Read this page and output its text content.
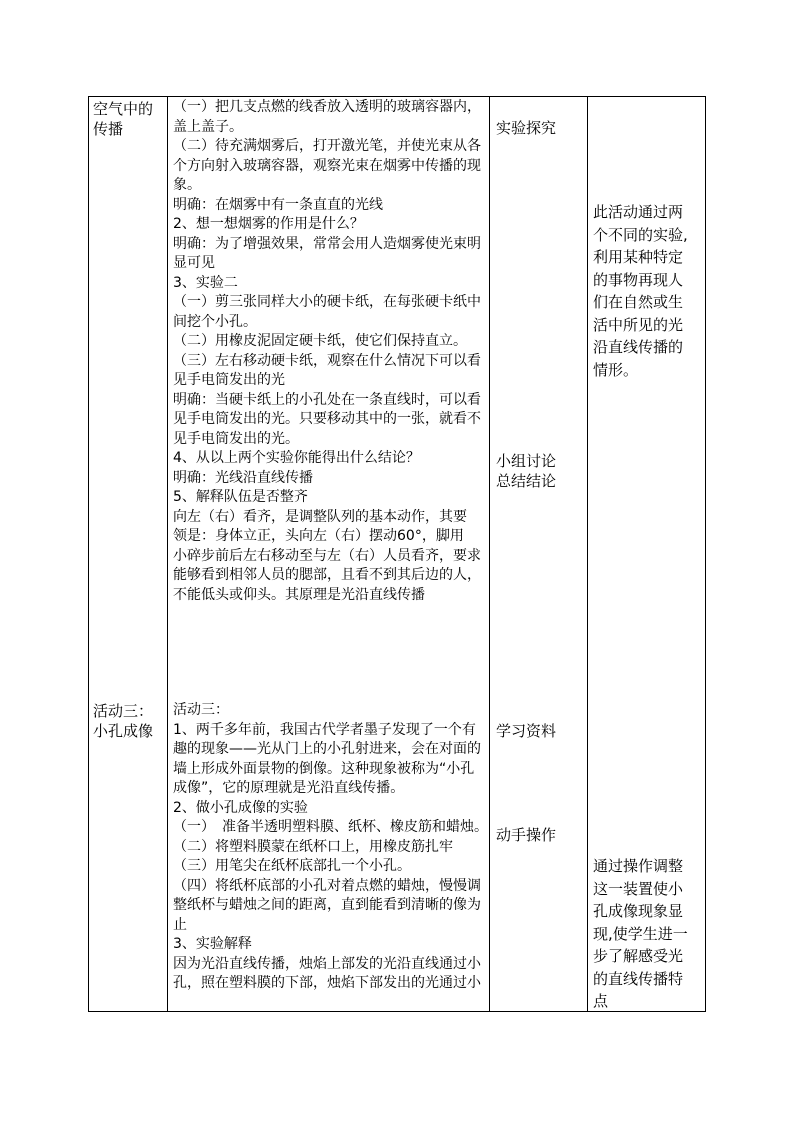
空气中的
传播
（一）把几支点燃的线香放入透明的玻璃容器内，
盖上盖子。
（二）待充满烟雾后，打开激光笔，并使光束从各
个方向射入玻璃容器，观察光束在烟雾中传播的现
象。
明确：在烟雾中有一条直直的光线
2、想一想烟雾的作用是什么？
明确：为了增强效果，常常会用人造烟雾使光束明
显可见
3、实验二
（一）剪三张同样大小的硬卡纸，在每张硬卡纸中
间挖个小孔。
（二）用橡皮泥固定硬卡纸，使它们保持直立。
（三）左右移动硬卡纸，观察在什么情况下可以看
见手电筒发出的光
明确：当硬卡纸上的小孔处在一条直线时，可以看
见手电筒发出的光。只要移动其中的一张，就看不
见手电筒发出的光。
4、从以上两个实验你能得出什么结论？
明确：光线沿直线传播
5、解释队伍是否整齐
向左（右）看齐，是调整队列的基本动作，其要
领是：身体立正，头向左（右）摆动60°，脚用
小碎步前后左右移动至与左（右）人员看齐，要求
能够看到相邻人员的腮部，且看不到其后边的人，
不能低头或仰头。其原理是光沿直线传播
实验探究
小组讨论
总结结论
此活动通过两
个不同的实验,
利用某种特定
的事物再现人
们在自然或生
活中所见的光
沿直线传播的
情形。
活动三：
小孔成像
活动三：
1、两千多年前，我国古代学者墨子发现了一个有
趣的现象——光从门上的小孔射进来，会在对面的
墙上形成外面景物的倒像。这种现象被称为“小孔
成像”，它的原理就是光沿直线传播。
2、做小孔成像的实验
（一）　准备半透明塑料膜、纸杯、橡皮筋和蜡烛。
（二）将塑料膜蒙在纸杯口上，用橡皮筋扎牢
（三）用笔尖在纸杯底部扎一个小孔。
（四）将纸杯底部的小孔对着点燃的蜡烛，慢慢调
整纸杯与蜡烛之间的距离，直到能看到清晰的像为
止
3、实验解释
因为光沿直线传播，烛焰上部发的光沿直线通过小
孔，照在塑料膜的下部，烛焰下部发出的光通过小
学习资料
动手操作
通过操作调整
这一装置使小
孔成像现象显
现,使学生进一
步了解感受光
的直线传播特
点
